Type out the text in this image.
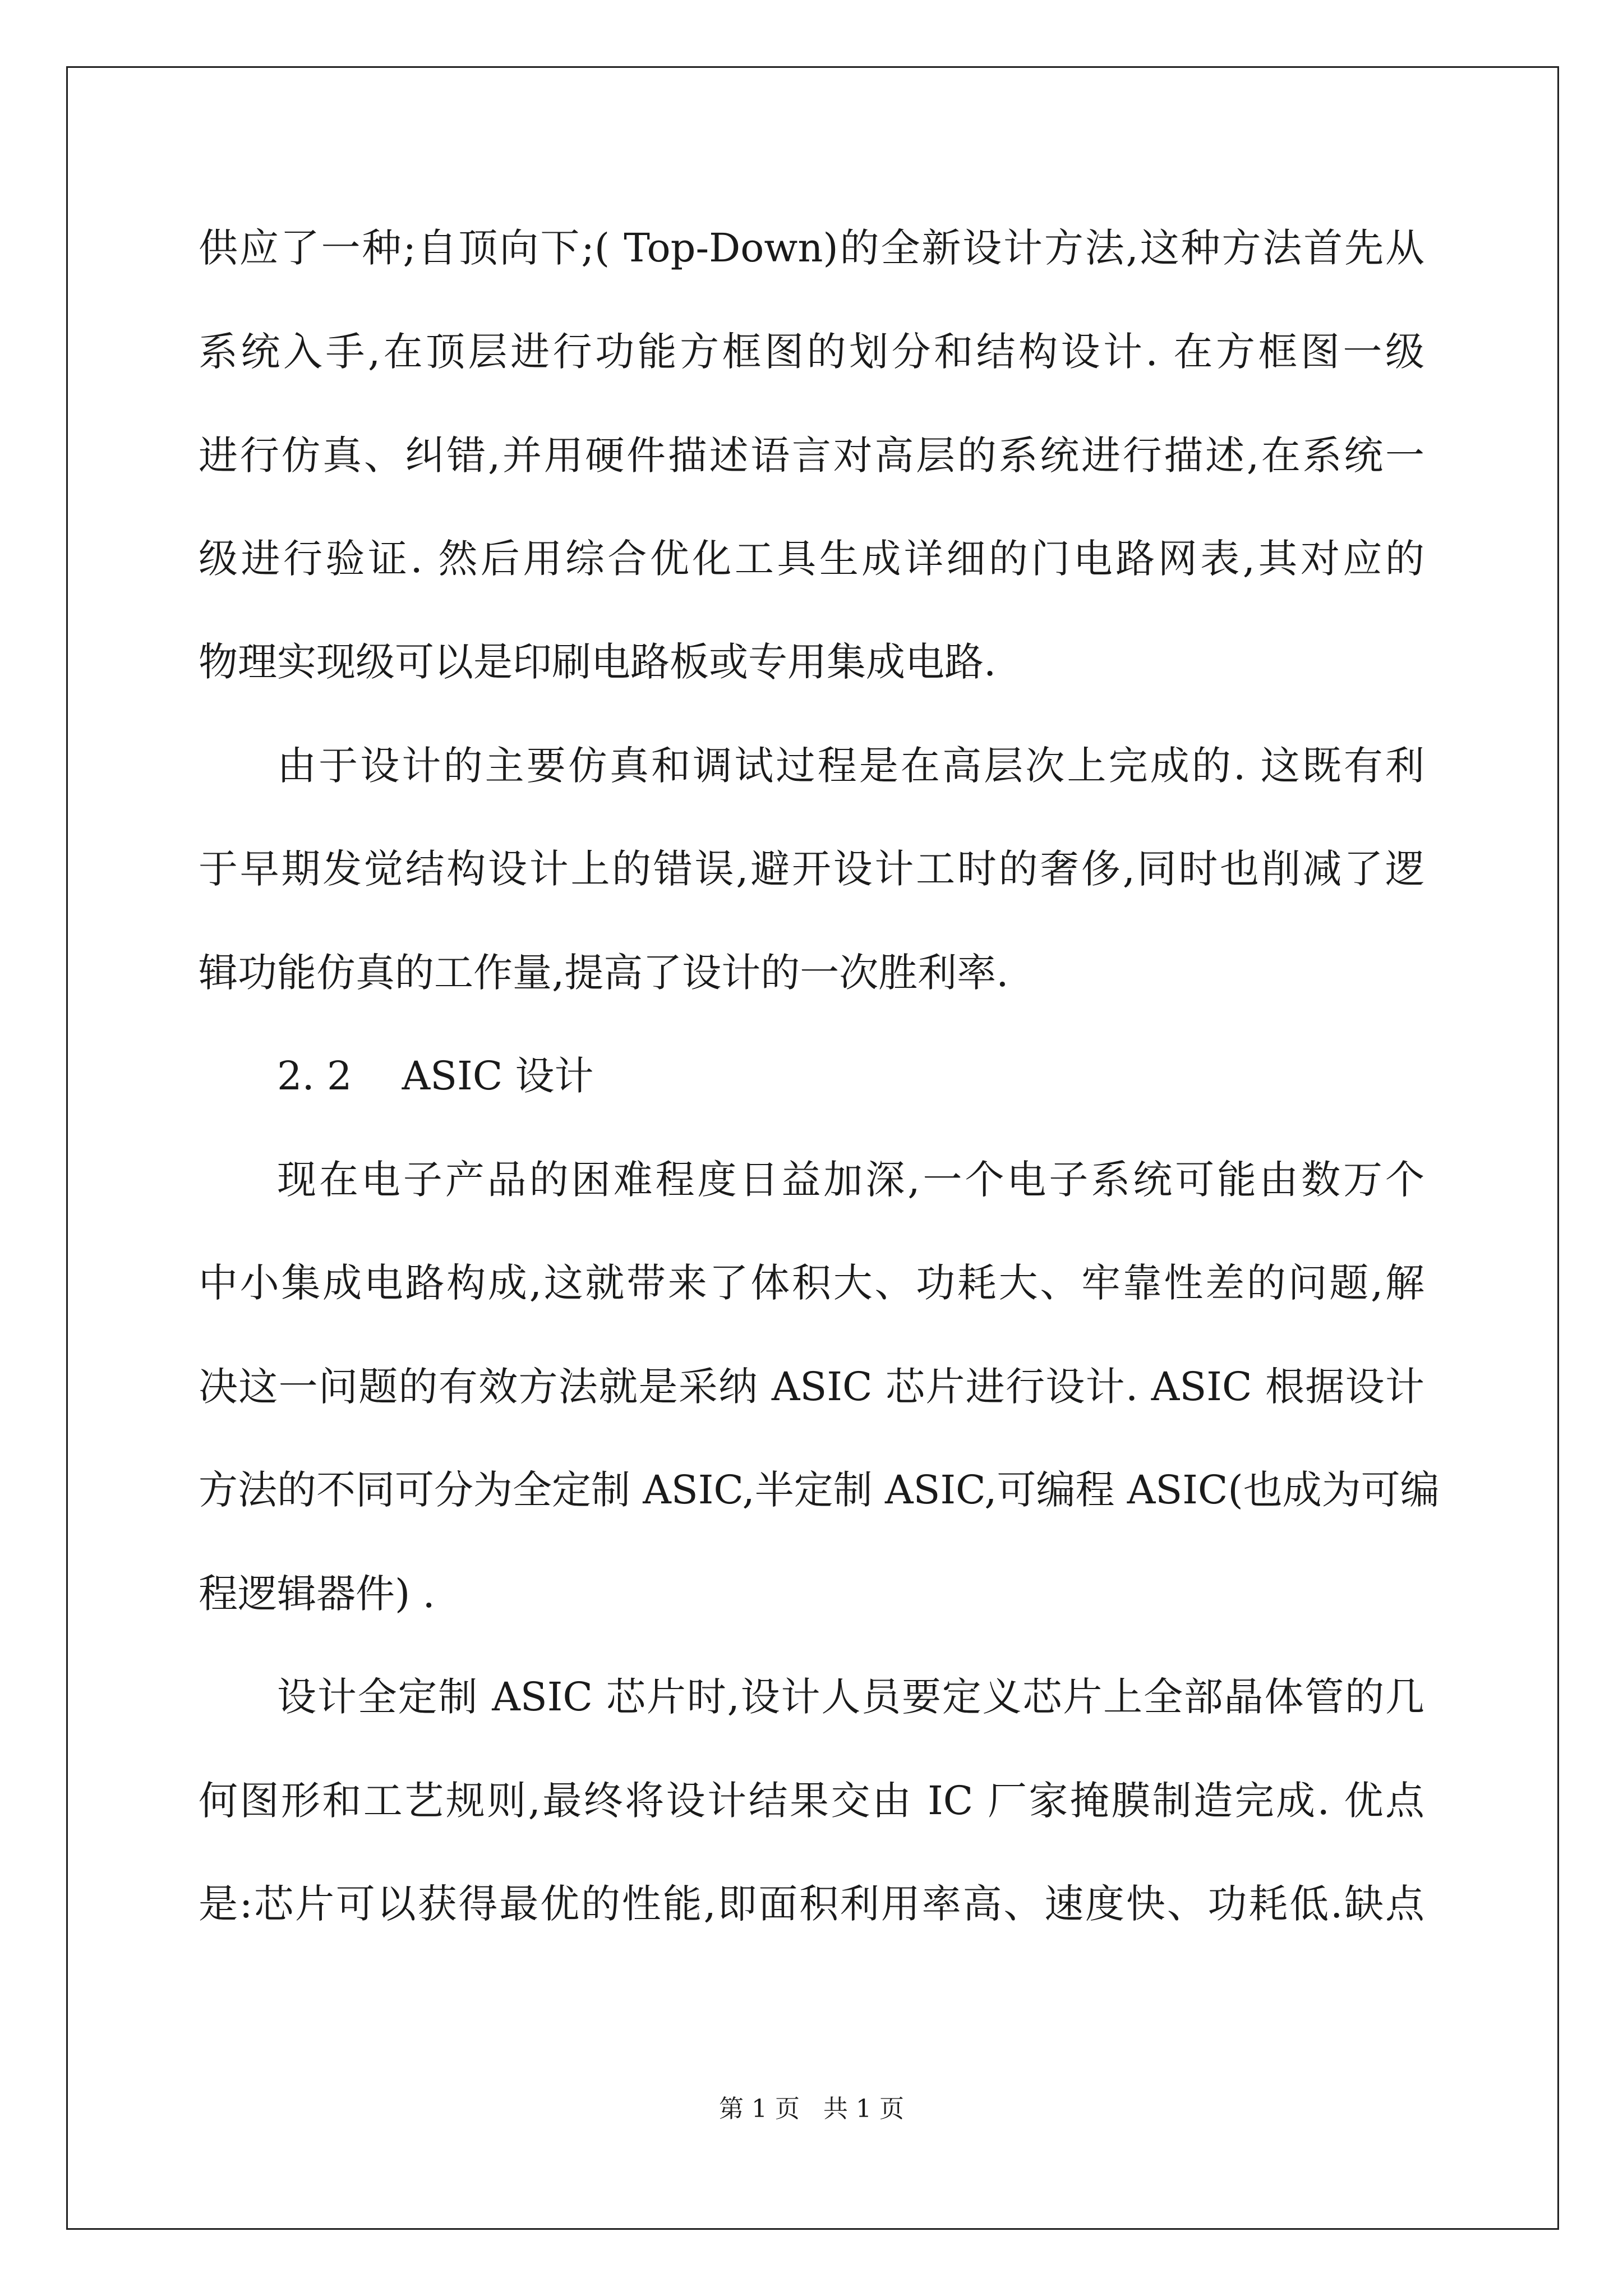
供应了一种;自顶向下;( Top-Down)的全新设计方法,这种方法首先从
系统入手,在顶层进行功能方框图的划分和结构设计. 在方框图一级
进行仿真、纠错,并用硬件描述语言对高层的系统进行描述,在系统一
级进行验证. 然后用综合优化工具生成详细的门电路网表,其对应的
物理实现级可以是印刷电路板或专用集成电路.
由于设计的主要仿真和调试过程是在高层次上完成的. 这既有利
于早期发觉结构设计上的错误,避开设计工时的奢侈,同时也削减了逻
辑功能仿真的工作量,提高了设计的一次胜利率.
2. 2    ASIC 设计
现在电子产品的困难程度日益加深,一个电子系统可能由数万个
中小集成电路构成,这就带来了体积大、功耗大、牢靠性差的问题,解
决这一问题的有效方法就是采纳 ASIC 芯片进行设计. ASIC 根据设计
方法的不同可分为全定制 ASIC,半定制 ASIC,可编程 ASIC(也成为可编
程逻辑器件) .
设计全定制 ASIC 芯片时,设计人员要定义芯片上全部晶体管的几
何图形和工艺规则,最终将设计结果交由 IC 厂家掩膜制造完成. 优点
是:芯片可以获得最优的性能,即面积利用率高、速度快、功耗低.缺点
第 1 页   共 1 页
